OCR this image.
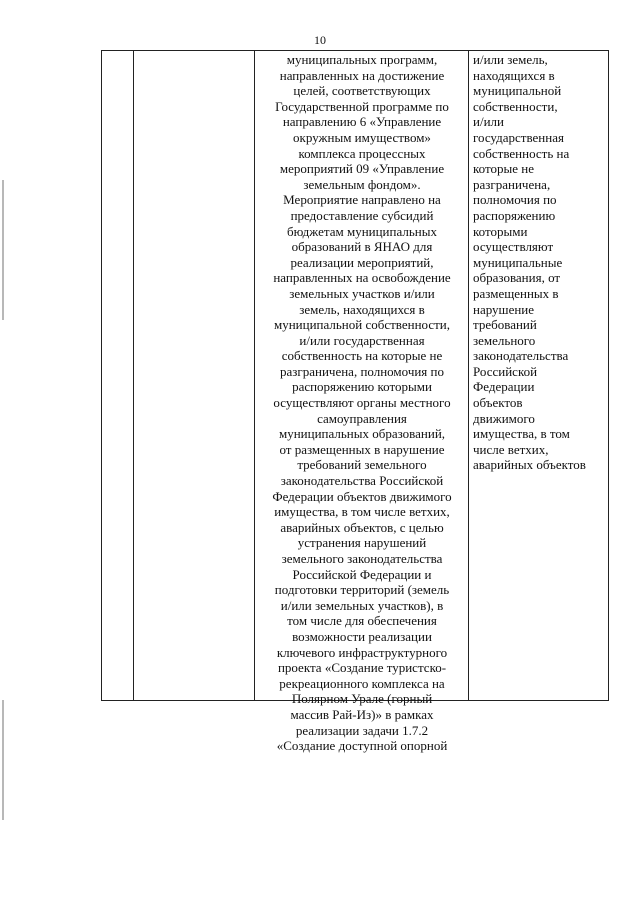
10

муниципальных программ,
направленных на достижение
целей, соответствующих
Государственной программе по
направлению 6 «Управление
окружным имуществом»
комплекса процессных
мероприятий 09 «Управление
земельным фондом».
Мероприятие направлено на
предоставление субсидий
бюджетам муниципальных
образований в ЯНАО для
реализации мероприятий,
направленных на освобождение
земельных участков и/или
земель, находящихся в
муниципальной собственности,
и/или государственная
собственность на которые не
разграничена, полномочия по
распоряжению которыми
осуществляют органы местного
самоуправления
муниципальных образований,
от размещенных в нарушение
требований земельного
законодательства Российской
Федерации объектов движимого
имущества, в том числе ветхих,
аварийных объектов, с целью
устранения нарушений
земельного законодательства
Российской Федерации и
подготовки территорий (земель
и/или земельных участков), в
том числе для обеспечения
возможности реализации
ключевого инфраструктурного
проекта «Создание туристско-
рекреационного комплекса на
Полярном Урале (горный
массив Рай-Из)» в рамках
реализации задачи 1.7.2
«Создание доступной опорной

и/или земель,
находящихся в
муниципальной
собственности,
и/или
государственная
собственность на
которые не
разграничена,
полномочия по
распоряжению
которыми
осуществляют
муниципальные
образования, от
размещенных в
нарушение
требований
земельного
законодательства
Российской
Федерации
объектов
движимого
имущества, в том
числе ветхих,
аварийных объектов
